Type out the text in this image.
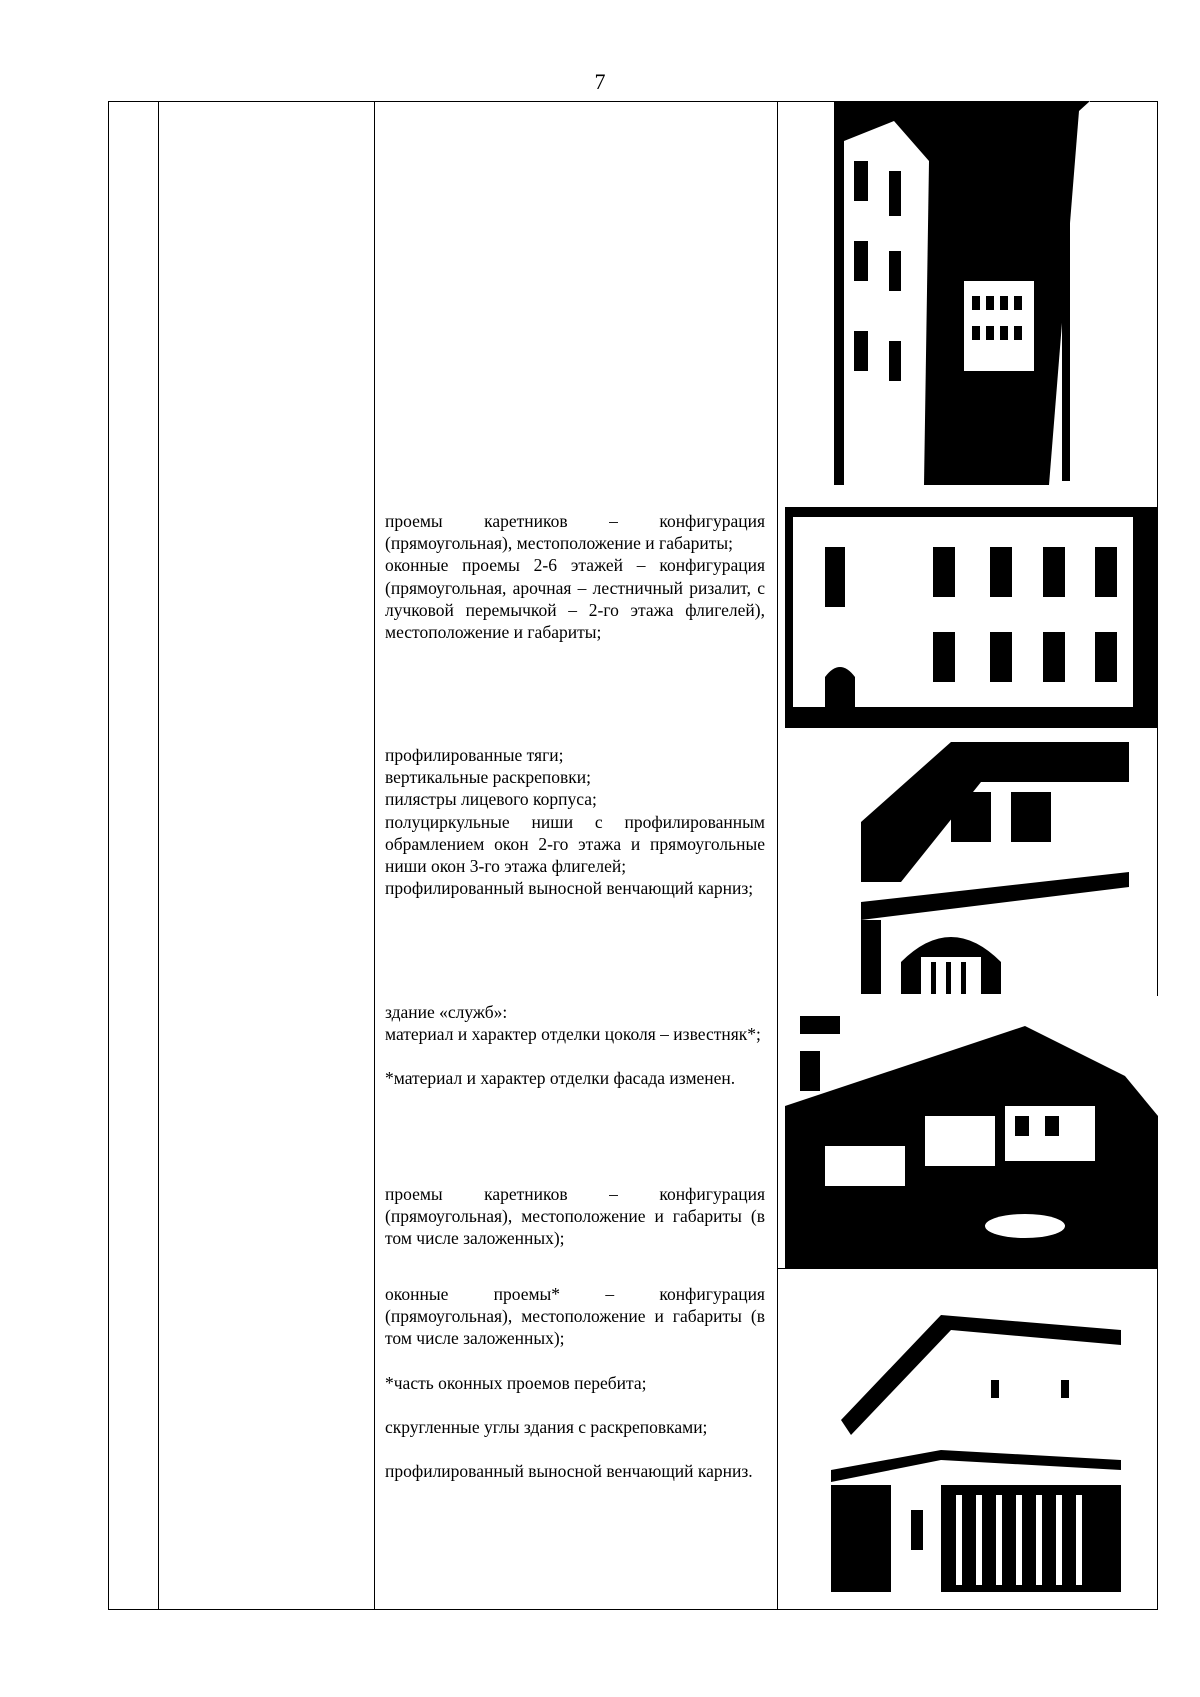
7

проемы каретников – конфигурация (прямоугольная), местоположение и габариты;

оконные проемы 2-6 этажей – конфигурация (прямоугольная, арочная – лестничный ризалит, с лучковой перемычкой – 2-го этажа флигелей), местоположение и габариты;

профилированные тяги;

вертикальные раскреповки;

пилястры лицевого корпуса;

полуциркульные ниши с профилированным обрамлением окон 2-го этажа и прямоугольные ниши окон 3-го этажа флигелей;

профилированный выносной венчающий карниз;

здание «служб»:

материал и характер отделки цоколя – известняк*;

*материал и характер отделки фасада изменен.

проемы каретников – конфигурация (прямоугольная), местоположение и габариты (в том числе заложенных);

оконные проемы* – конфигурация (прямоугольная), местоположение и габариты (в том числе заложенных);

*часть оконных проемов перебита;

скругленные углы здания с раскреповками;

профилированный выносной венчающий карниз.
